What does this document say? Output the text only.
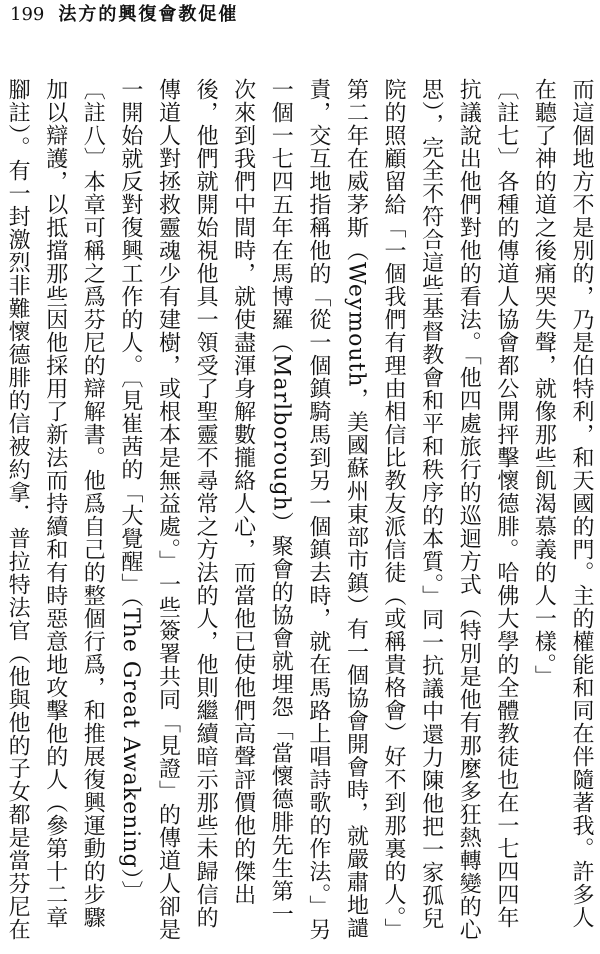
199 法方的興復會教促催

而這個地方不是別的，乃是伯特利，和天國的門。主的權能和同在伴隨著我。許多人在聽了神的道之後痛哭失聲，就像那些飢渴慕義的人一樣。」

〔註七〕各種的傳道人協會都公開抨擊懷德腓。哈佛大學的全體教徒也在一七四四年抗議說出他們對他的看法。「他四處旅行的巡迴方式（特別是他有那麼多狂熱轉變的心思），完全不符合這些基督教會和平和秩序的本質。」同一抗議中還力陳他把一家孤兒院的照顧留給「一個我們有理由相信比教友派信徒（或稱貴格會）好不到那裏的人。」第二年在威茅斯（Weymouth，美國蘇州東部市鎮）有一個協會開會時，就嚴肅地譴責，交互地指稱他的「從一個鎮騎馬到另一個鎮去時，就在馬路上唱詩歌的作法。」另一個一七四五年在馬博羅（Marlborough）聚會的協會就埋怨「當懷德腓先生第一次來到我們中間時，就使盡渾身解數攏絡人心，而當他已使他們高聲評價他的傑出後，他們就開始視他具一領受了聖靈不尋常之方法的人，他則繼續暗示那些未歸信的傳道人對拯救靈魂少有建樹，或根本是無益處。」一些簽署共同「見證」的傳道人卻是一開始就反對復興工作的人。〔見崔茜的「大覺醒」（The Great Awakening）〕

〔註八〕本章可稱之爲芬尼的辯解書。他爲自己的整個行爲，和推展復興運動的步驟加以辯護，以抵擋那些因他採用了新法而持續和有時惡意地攻擊他的人（參第十二章腳註）。有一封激烈非難懷德腓的信被約拿．普拉特法官（他與他的子女都是當芬尼在
